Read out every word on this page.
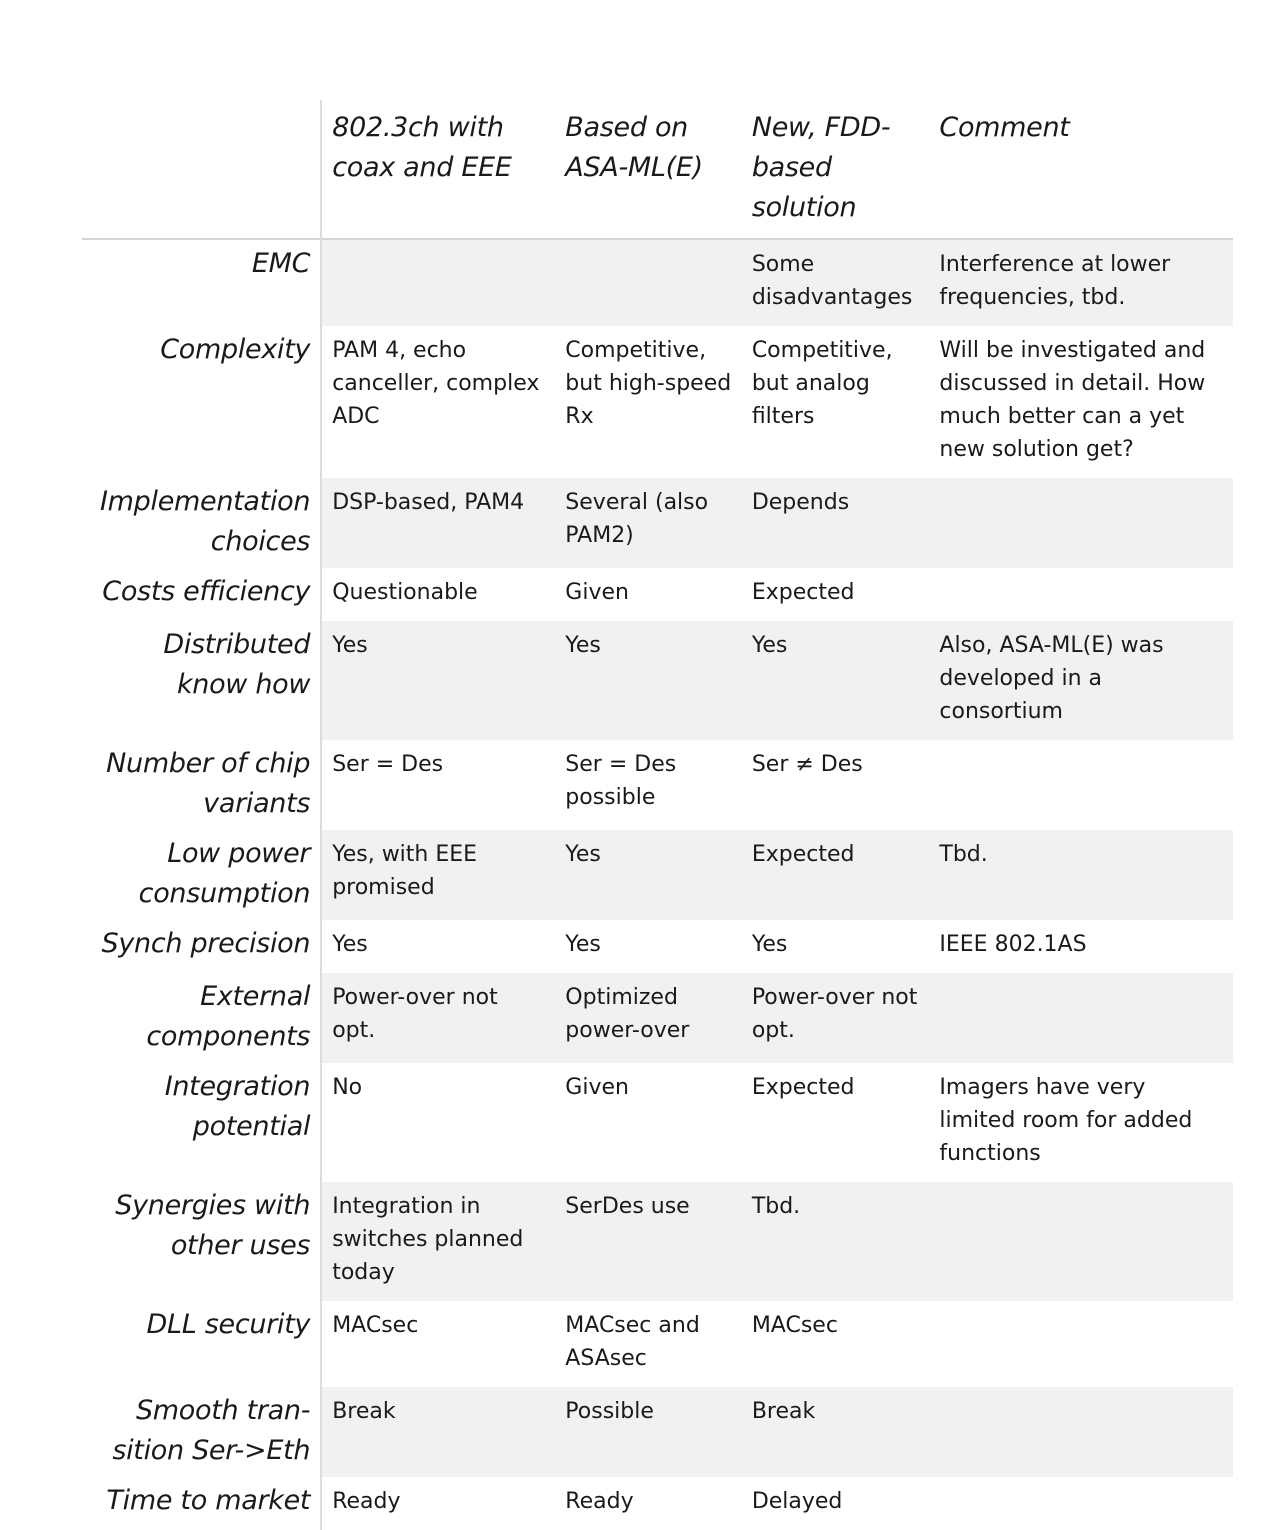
	802.3ch with coax and EEE	Based on ASA-ML(E)	New, FDD-based solution	Comment
EMC			Some disadvantages	Interference at lower frequencies, tbd.
Complexity	PAM 4, echo canceller, complex ADC	Competitive, but high-speed Rx	Competitive, but analog filters	Will be investigated and discussed in detail. How much better can a yet new solution get?
Implementation choices	DSP-based, PAM4	Several (also PAM2)	Depends	
Costs efficiency	Questionable	Given	Expected	
Distributed know how	Yes	Yes	Yes	Also, ASA-ML(E) was developed in a consortium
Number of chip variants	Ser = Des	Ser = Des possible	Ser ≠ Des	
Low power consumption	Yes, with EEE promised	Yes	Expected	Tbd.
Synch precision	Yes	Yes	Yes	IEEE 802.1AS
External components	Power-over not opt.	Optimized power-over	Power-over not opt.	
Integration potential	No	Given	Expected	Imagers have very limited room for added functions
Synergies with other uses	Integration in switches planned today	SerDes use	Tbd.	
DLL security	MACsec	MACsec and ASAsec	MACsec	
Smooth tran-sition Ser->Eth	Break	Possible	Break	
Time to market	Ready	Ready	Delayed	
